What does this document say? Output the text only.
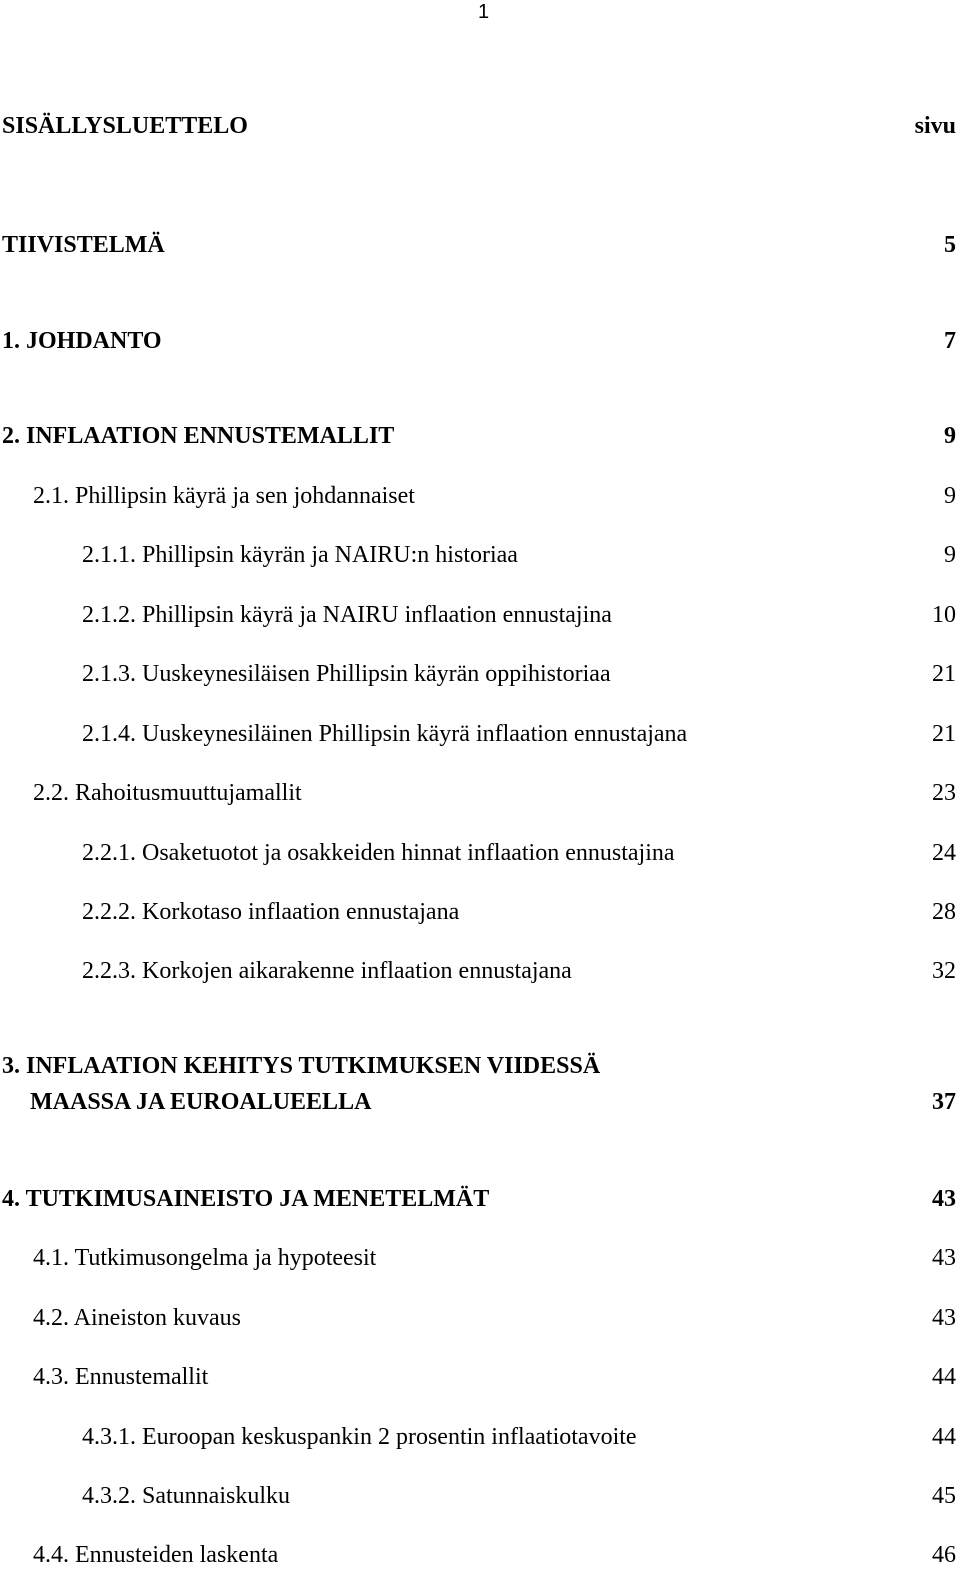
1
SISÄLLYSLUETTELO	sivu
TIIVISTELMÄ	5
1. JOHDANTO	7
2. INFLAATION ENNUSTEMALLIT	9
2.1. Phillipsin käyrä ja sen johdannaiset	9
2.1.1. Phillipsin käyrän ja NAIRU:n historiaa	9
2.1.2. Phillipsin käyrä ja NAIRU inflaation ennustajina	10
2.1.3. Uuskeynesiläisen Phillipsin käyrän oppihistoriaa	21
2.1.4. Uuskeynesiläinen Phillipsin käyrä inflaation ennustajana	21
2.2. Rahoitusmuuttujamallit	23
2.2.1. Osaketuotot ja osakkeiden hinnat inflaation ennustajina	24
2.2.2. Korkotaso inflaation ennustajana	28
2.2.3. Korkojen aikarakenne inflaation ennustajana	32
3. INFLAATION KEHITYS TUTKIMUKSEN VIIDESSÄ
MAASSA JA EUROALUEELLA	37
4. TUTKIMUSAINEISTO JA MENETELMÄT	43
4.1. Tutkimusongelma ja hypoteesit	43
4.2. Aineiston kuvaus	43
4.3. Ennustemallit	44
4.3.1. Euroopan keskuspankin 2 prosentin inflaatiotavoite	44
4.3.2. Satunnaiskulku	45
4.4. Ennusteiden laskenta	46
